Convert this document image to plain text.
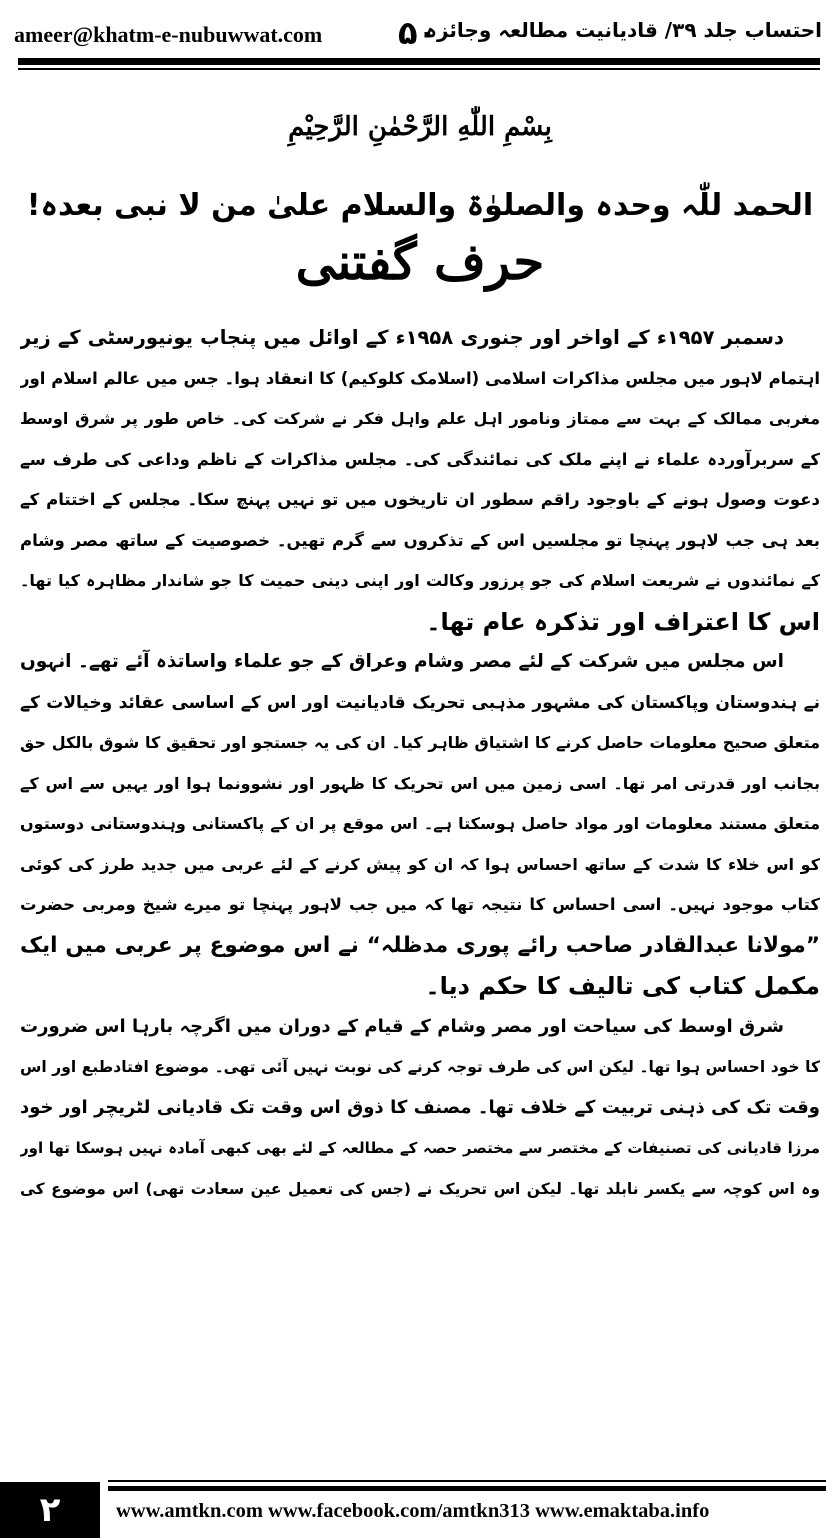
ameer@khatm-e-nubuwwat.com ۵۰
احتساب جلد ۳۹/ قادیانیت مطالعہ وجائزہ
بِسْمِ اللّٰهِ الرَّحْمٰنِ الرَّحِيْمِ
الحمد للّٰہ وحدہ والصلوٰۃ والسلام علیٰ من لا نبی بعدہ!
حرف گفتنی
دسمبر ۱۹۵۷ء کے اواخر اور جنوری ۱۹۵۸ء کے اوائل میں پنجاب یونیورسٹی کے زیر
اہتمام لاہور میں مجلس مذاکرات اسلامی (اسلامک کلوکیم) کا انعقاد ہوا۔ جس میں عالم اسلام اور
مغربی ممالک کے بہت سے ممتاز ونامور اہل علم واہل فکر نے شرکت کی۔ خاص طور پر شرق اوسط
کے سربرآوردہ علماء نے اپنے ملک کی نمائندگی کی۔ مجلس مذاکرات کے ناظم وداعی کی طرف سے
دعوت وصول ہونے کے باوجود راقم سطور ان تاریخوں میں تو نہیں پہنچ سکا۔ مجلس کے اختتام کے
بعد ہی جب لاہور پہنچا تو مجلسیں اس کے تذکروں سے گرم تھیں۔ خصوصیت کے ساتھ مصر وشام
کے نمائندوں نے شریعت اسلام کی جو پرزور وکالت اور اپنی دینی حمیت کا جو شاندار مظاہرہ کیا تھا۔
اس کا اعتراف اور تذکرہ عام تھا۔
اس مجلس میں شرکت کے لئے مصر وشام وعراق کے جو علماء واساتذہ آئے تھے۔ انہوں
نے ہندوستان وپاکستان کی مشہور مذہبی تحریک قادیانیت اور اس کے اساسی عقائد وخیالات کے
متعلق صحیح معلومات حاصل کرنے کا اشتیاق ظاہر کیا۔ ان کی یہ جستجو اور تحقیق کا شوق بالکل حق
بجانب اور قدرتی امر تھا۔ اسی زمین میں اس تحریک کا ظہور اور نشوونما ہوا اور یہیں سے اس کے
متعلق مستند معلومات اور مواد حاصل ہوسکتا ہے۔ اس موقع پر ان کے پاکستانی وہندوستانی دوستوں
کو اس خلاء کا شدت کے ساتھ احساس ہوا کہ ان کو پیش کرنے کے لئے عربی میں جدید طرز کی کوئی
کتاب موجود نہیں۔ اسی احساس کا نتیجہ تھا کہ میں جب لاہور پہنچا تو میرے شیخ ومربی حضرت
”مولانا عبدالقادر صاحب رائے پوری مدظلہ“ نے اس موضوع پر عربی میں ایک
مکمل کتاب کی تالیف کا حکم دیا۔
شرق اوسط کی سیاحت اور مصر وشام کے قیام کے دوران میں اگرچہ بارہا اس ضرورت
کا خود احساس ہوا تھا۔ لیکن اس کی طرف توجہ کرنے کی نوبت نہیں آئی تھی۔ موضوع افتادطبع اور اس
وقت تک کی ذہنی تربیت کے خلاف تھا۔ مصنف کا ذوق اس وقت تک قادیانی لٹریچر اور خود
مرزا قادیانی کی تصنیفات کے مختصر سے مختصر حصہ کے مطالعہ کے لئے بھی کبھی آمادہ نہیں ہوسکا تھا اور
وہ اس کوچہ سے یکسر نابلد تھا۔ لیکن اس تحریک نے (جس کی تعمیل عین سعادت تھی) اس موضوع کی
۲	www.amtkn.com www.facebook.com/amtkn313 www.emaktaba.info
